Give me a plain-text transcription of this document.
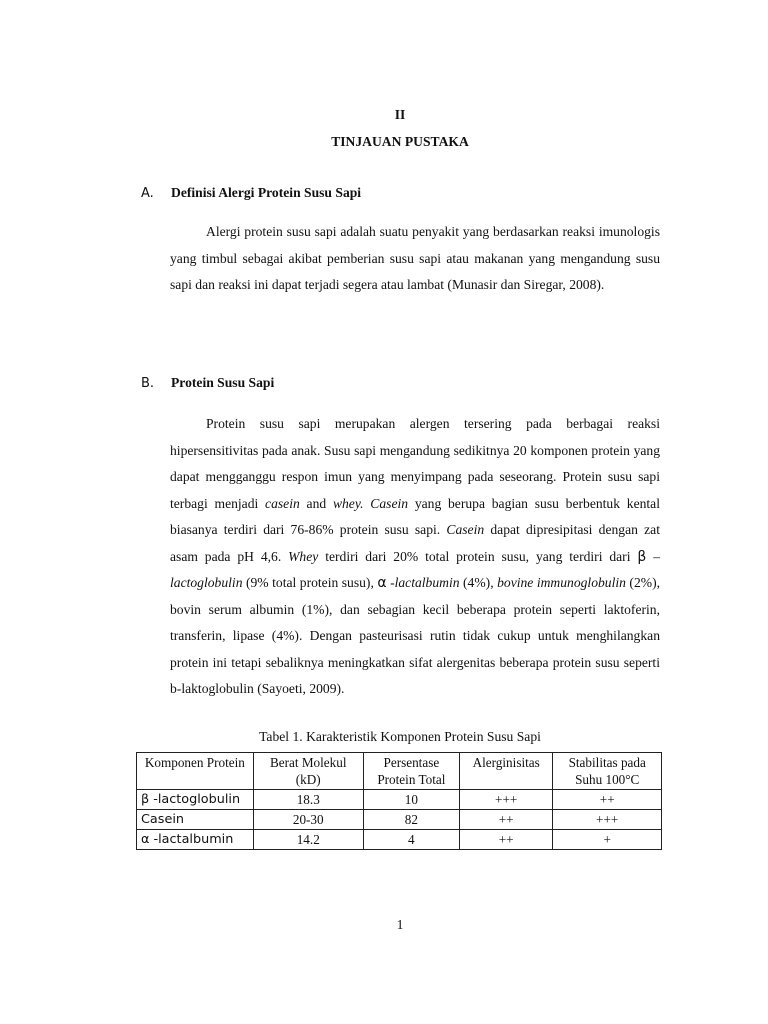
II
TINJAUAN PUSTAKA
A. Definisi Alergi Protein Susu Sapi
Alergi protein susu sapi adalah suatu penyakit yang berdasarkan reaksi imunologis yang timbul sebagai akibat pemberian susu sapi atau makanan yang mengandung susu sapi dan reaksi ini dapat terjadi segera atau lambat (Munasir dan Siregar, 2008).
B. Protein Susu Sapi
Protein susu sapi merupakan alergen tersering pada berbagai reaksi hipersensitivitas pada anak. Susu sapi mengandung sedikitnya 20 komponen protein yang dapat mengganggu respon imun yang menyimpang pada seseorang. Protein susu sapi terbagi menjadi casein and whey. Casein yang berupa bagian susu berbentuk kental biasanya terdiri dari 76-86% protein susu sapi. Casein dapat dipresipitasi dengan zat asam pada pH 4,6. Whey terdiri dari 20% total protein susu, yang terdiri dari β –lactoglobulin (9% total protein susu), α -lactalbumin (4%), bovine immunoglobulin (2%), bovin serum albumin (1%), dan sebagian kecil beberapa protein seperti laktoferin, transferin, lipase (4%). Dengan pasteurisasi rutin tidak cukup untuk menghilangkan protein ini tetapi sebaliknya meningkatkan sifat alergenitas beberapa protein susu seperti b-laktoglobulin (Sayoeti, 2009).
Tabel 1. Karakteristik Komponen Protein Susu Sapi
Komponen Protein	Berat Molekul (kD)	Persentase Protein Total	Alerginisitas	Stabilitas pada Suhu 100°C
β -lactoglobulin	18.3	10	+++	++
Casein	20-30	82	++	+++
α -lactalbumin	14.2	4	++	+
1
